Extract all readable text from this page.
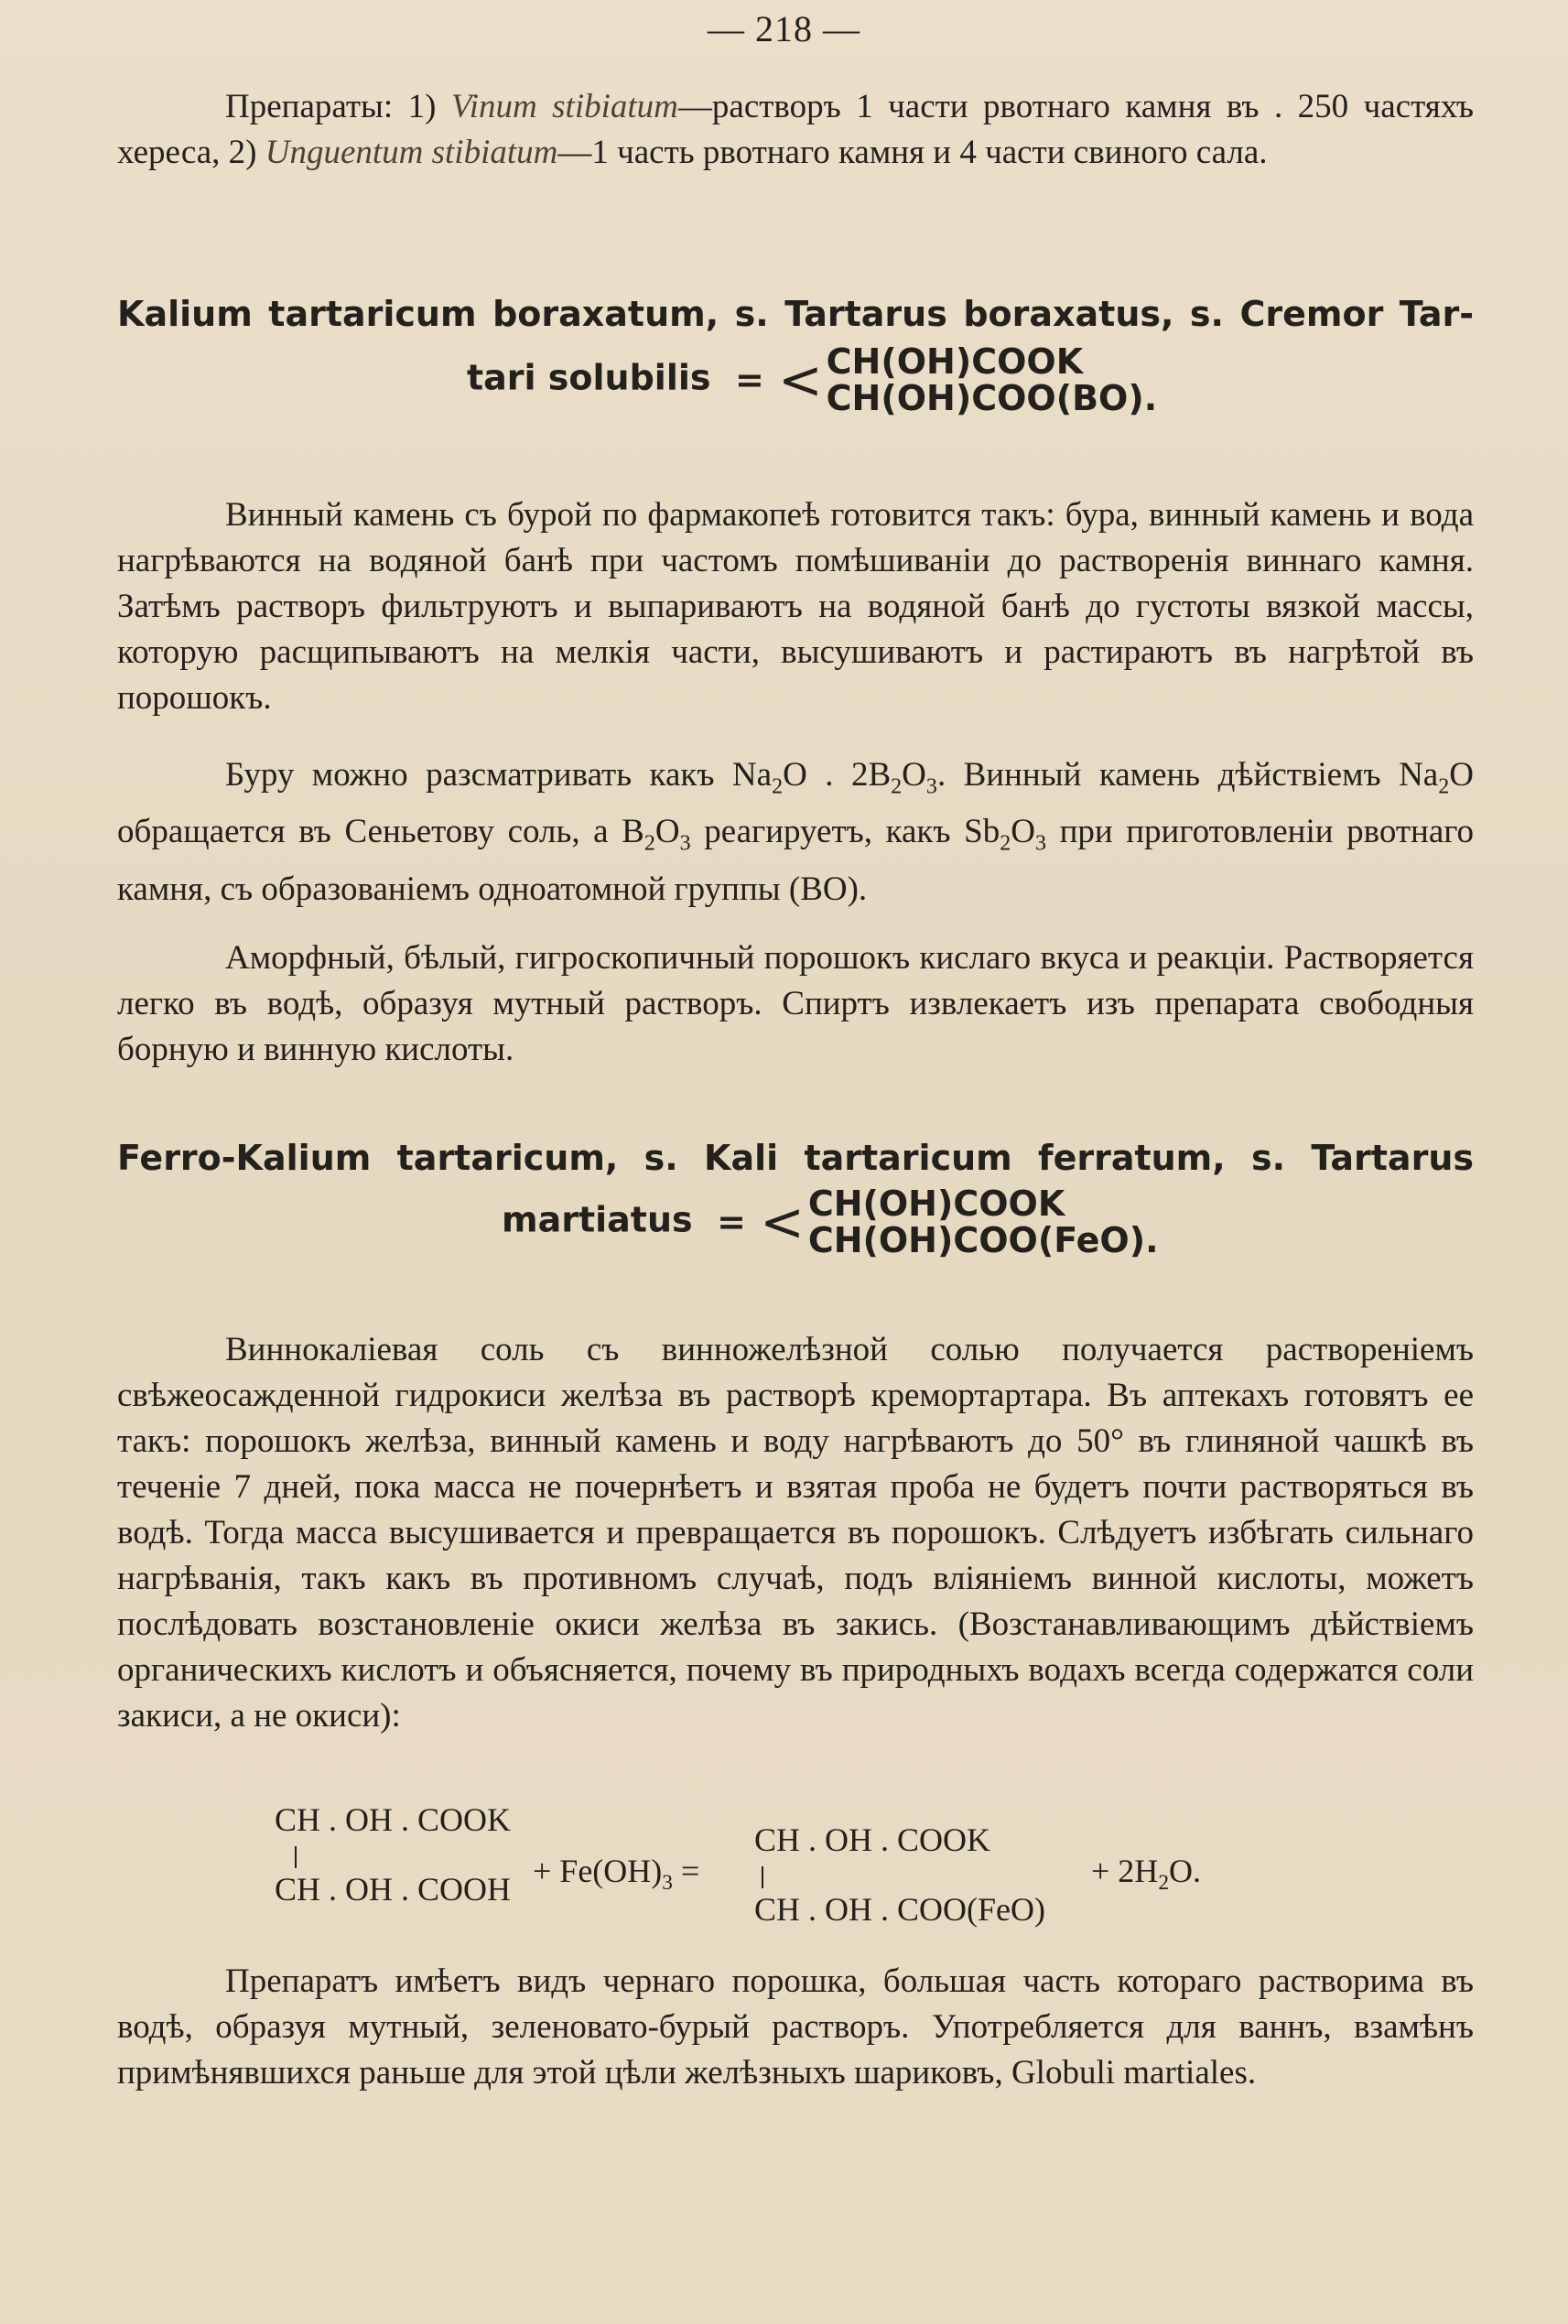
— 218 —

Препараты: 1) Vinum stibiatum—растворъ 1 части рвотнаго камня въ . 250 частяхъ хереса, 2) Unguentum stibiatum—1 часть рвотнаго камня и 4 части свиного сала.

Kalium tartaricum boraxatum, s. Tartarus boraxatus, s. Cremor Tar-

tari solubilis = < CH(OH)COOK
CH(OH)COO(BO).

Винный камень съ бурой по фармакопеѣ готовится такъ: бура, винный камень и вода нагрѣваются на водяной банѣ при частомъ помѣшиваніи до растворенія виннаго камня. Затѣмъ растворъ фильтруютъ и выпариваютъ на водяной банѣ до густоты вязкой массы, которую расщипываютъ на мелкія части, высушиваютъ и растираютъ въ нагрѣтой въ порошокъ.

Буру можно разсматривать какъ $Na_2O$ . $2B_2O_3$. Винный камень дѣйствіемъ $Na_2O$ обращается въ Сеньетову соль, а $B_2O_3$ реагируетъ, какъ $Sb_2O_3$ при приготовленіи рвотнаго камня, съ образованіемъ одноатомной группы (BO).

Аморфный, бѣлый, гигроскопичный порошокъ кислаго вкуса и реакціи. Растворяется легко въ водѣ, образуя мутный растворъ. Спиртъ извлекаетъ изъ препарата свободныя борную и винную кислоты.

Ferro-Kalium tartaricum, s. Kali tartaricum ferratum, s. Tartarus

martiatus = < CH(OH)COOK
CH(OH)COO(FeO).

Виннокаліевая соль съ винножелѣзной солью получается раствореніемъ свѣжеосажденной гидрокиси желѣза въ растворѣ кремортартара. Въ аптекахъ готовятъ ее такъ: порошокъ желѣза, винный камень и воду нагрѣваютъ до 50° въ глиняной чашкѣ въ теченіе 7 дней, пока масса не почернѣетъ и взятая проба не будетъ почти растворяться въ водѣ. Тогда масса высушивается и превращается въ порошокъ. Слѣдуетъ избѣгать сильнаго нагрѣванія, такъ какъ въ противномъ случаѣ, подъ вліяніемъ винной кислоты, можетъ послѣдовать возстановленіе окиси желѣза въ закись. (Возстанавливающимъ дѣйствіемъ органическихъ кислотъ и объясняется, почему въ природныхъ водахъ всегда содержатся соли закиси, а не окиси):

CH . OH . COOK
CH . OH . COOH + $Fe(OH)_3$ =
CH . OH . COOK
CH . OH . COO(FeO)
+ $2H_2O$.

Препаратъ имѣетъ видъ чернаго порошка, большая часть котораго растворима въ водѣ, образуя мутный, зеленовато-бурый растворъ. Употребляется для ваннъ, взамѣнъ примѣнявшихся раньше для этой цѣли желѣзныхъ шариковъ, Globuli martiales.
